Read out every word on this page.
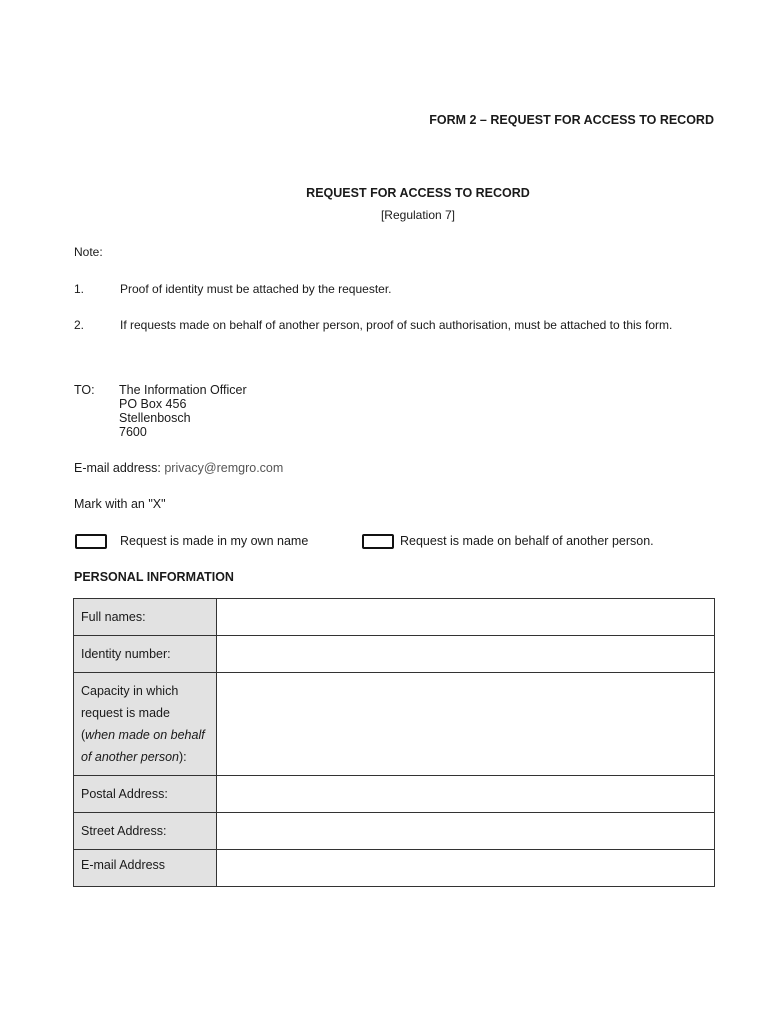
FORM 2 – REQUEST FOR ACCESS TO RECORD
REQUEST FOR ACCESS TO RECORD
[Regulation 7]
Note:
1.	Proof of identity must be attached by the requester.
2.	If requests made on behalf of another person, proof of such authorisation, must be attached to this form.
TO: The Information Officer
PO Box 456
Stellenbosch
7600
E-mail address: privacy@remgro.com
Mark with an "X"
Request is made in my own name	Request is made on behalf of another person.
PERSONAL INFORMATION
Full names:	
Identity number:	
Capacity in which
request is made
(when made on behalf
of another person):	
Postal Address:	
Street Address:	
E-mail Address	
